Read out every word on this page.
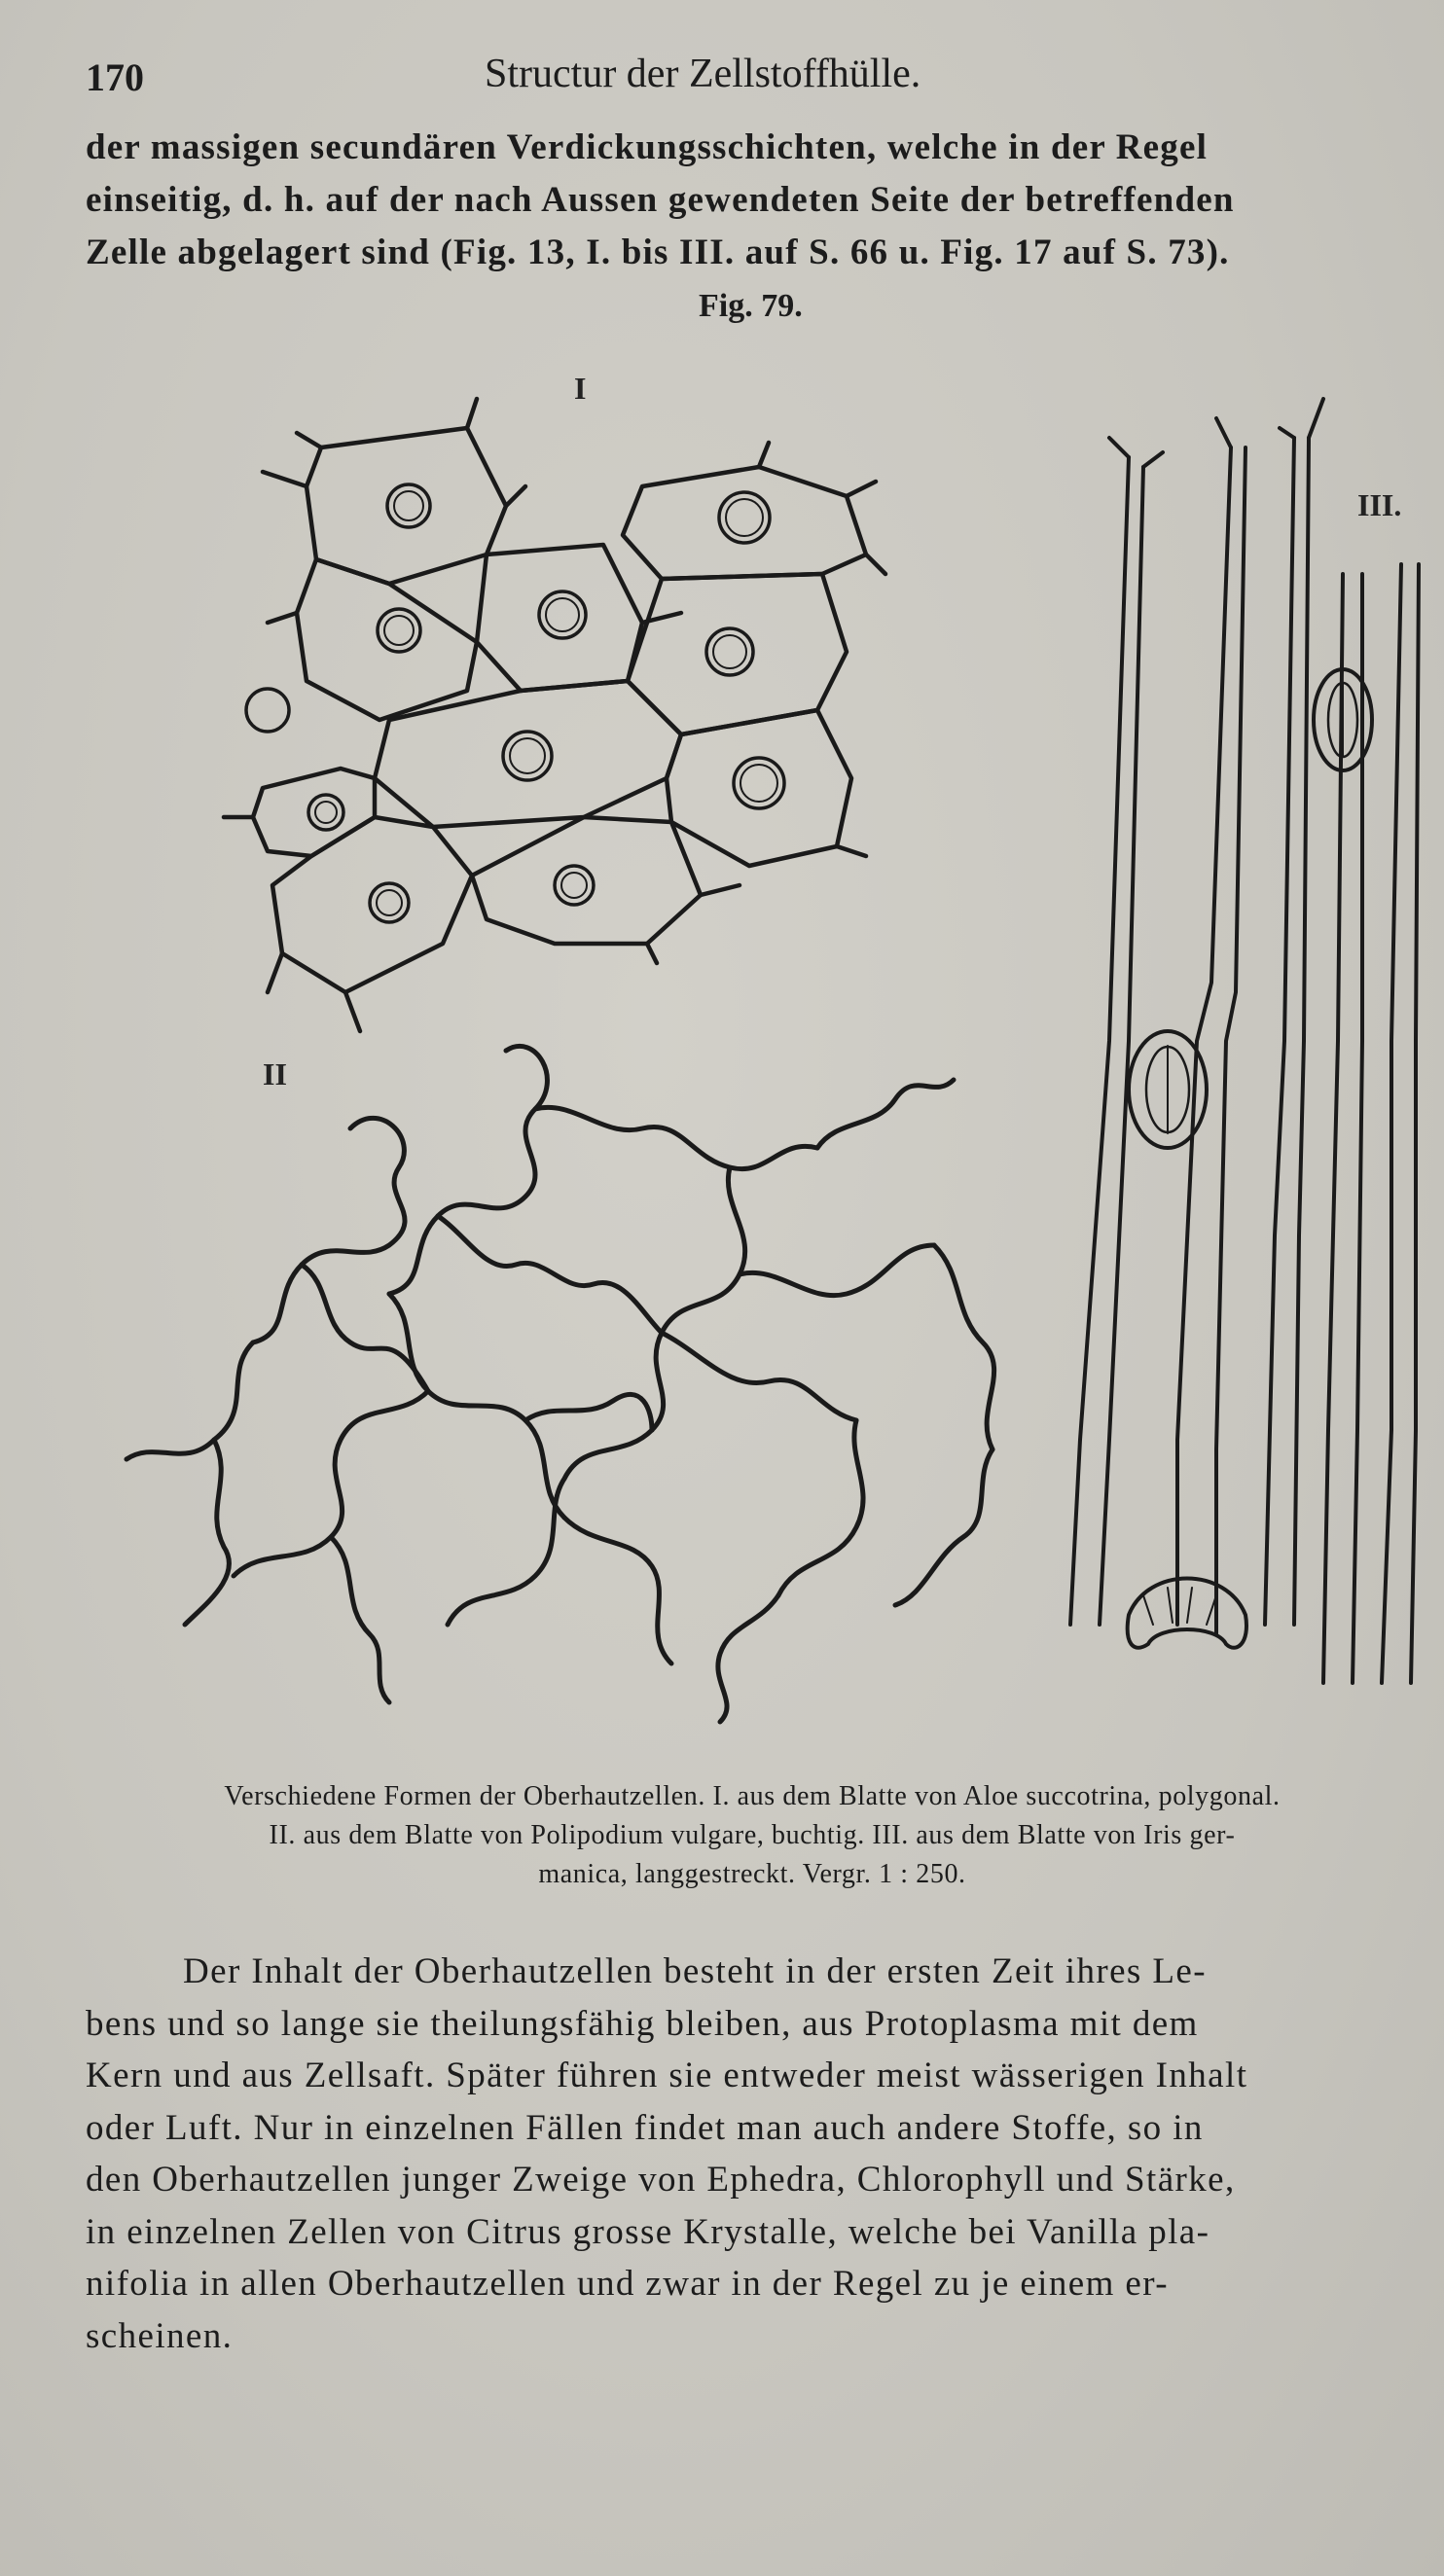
170	Structur der Zellstoffhülle.
der massigen secundären Verdickungsschichten, welche in der Regel
einseitig, d. h. auf der nach Aussen gewendeten Seite der betreffenden
Zelle abgelagert sind (Fig. 13, I. bis III. auf S. 66 u. Fig. 17 auf S. 73).
Fig. 79.
I
II
III.
Verschiedene Formen der Oberhautzellen. I. aus dem Blatte von Aloe succotrina, polygonal.
II. aus dem Blatte von Polipodium vulgare, buchtig. III. aus dem Blatte von Iris ger-
manica, langgestreckt. Vergr. 1 : 250.
Der Inhalt der Oberhautzellen besteht in der ersten Zeit ihres Le-
bens und so lange sie theilungsfähig bleiben, aus Protoplasma mit dem
Kern und aus Zellsaft. Später führen sie entweder meist wässerigen Inhalt
oder Luft. Nur in einzelnen Fällen findet man auch andere Stoffe, so in
den Oberhautzellen junger Zweige von Ephedra, Chlorophyll und Stärke,
in einzelnen Zellen von Citrus grosse Krystalle, welche bei Vanilla pla-
nifolia in allen Oberhautzellen und zwar in der Regel zu je einem er-
scheinen.
